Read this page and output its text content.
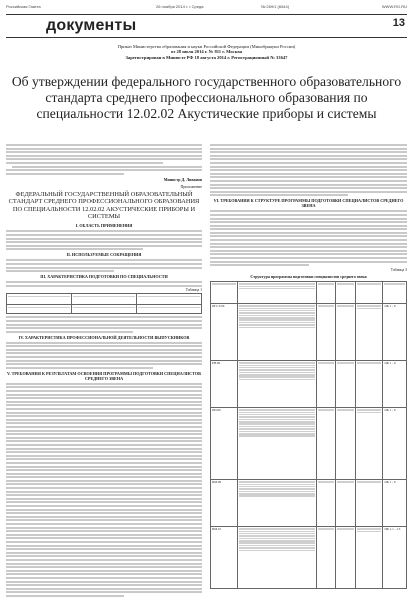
Российская Газета	26 ноября 2014 г. • Среда	№ 269/1 (6544)	WWW.RG.RU
документы	13
Приказ Министерства образования и науки Российской Федерации (Минобрнауки России)
от 28 июля 2014 г. № 811 г. Москва
Зарегистрирован в Минюсте РФ 18 августа 2014 г. Регистрационный № 33647
Об утверждении федерального государственного образовательного стандарта среднего профессионального образования по специальности 12.02.02 Акустические приборы и системы
Министр Д. Ливанов
Приложение
ФЕДЕРАЛЬНЫЙ ГОСУДАРСТВЕННЫЙ ОБРАЗОВАТЕЛЬНЫЙ СТАНДАРТ СРЕДНЕГО ПРОФЕССИОНАЛЬНОГО ОБРАЗОВАНИЯ ПО СПЕЦИАЛЬНОСТИ 12.02.02 АКУСТИЧЕСКИЕ ПРИБОРЫ И СИСТЕМЫ
I. ОБЛАСТЬ ПРИМЕНЕНИЯ
II. ИСПОЛЬЗУЕМЫЕ СОКРАЩЕНИЯ
III. ХАРАКТЕРИСТИКА ПОДГОТОВКИ ПО СПЕЦИАЛЬНОСТИ
Таблица 1

IV. ХАРАКТЕРИСТИКА ПРОФЕССИОНАЛЬНОЙ ДЕЯТЕЛЬНОСТИ ВЫПУСКНИКОВ
V. ТРЕБОВАНИЯ К РЕЗУЛЬТАТАМ ОСВОЕНИЯ ПРОГРАММЫ ПОДГОТОВКИ СПЕЦИАЛИСТОВ СРЕДНЕГО ЗВЕНА
VI. ТРЕБОВАНИЯ К СТРУКТУРЕ ПРОГРАММЫ ПОДГОТОВКИ СПЕЦИАЛИСТОВ СРЕДНЕГО ЗВЕНА
Таблица 3
Структура программы подготовки специалистов среднего звена

ОГСЭ.00					ОК 1 - 9
ЕН.00					ОК 1 - 9
ОП.00					ОК 1 - 9
ПМ.00					ОК 1 - 9
ПМ.01					ПК 1.1 - 1.5
